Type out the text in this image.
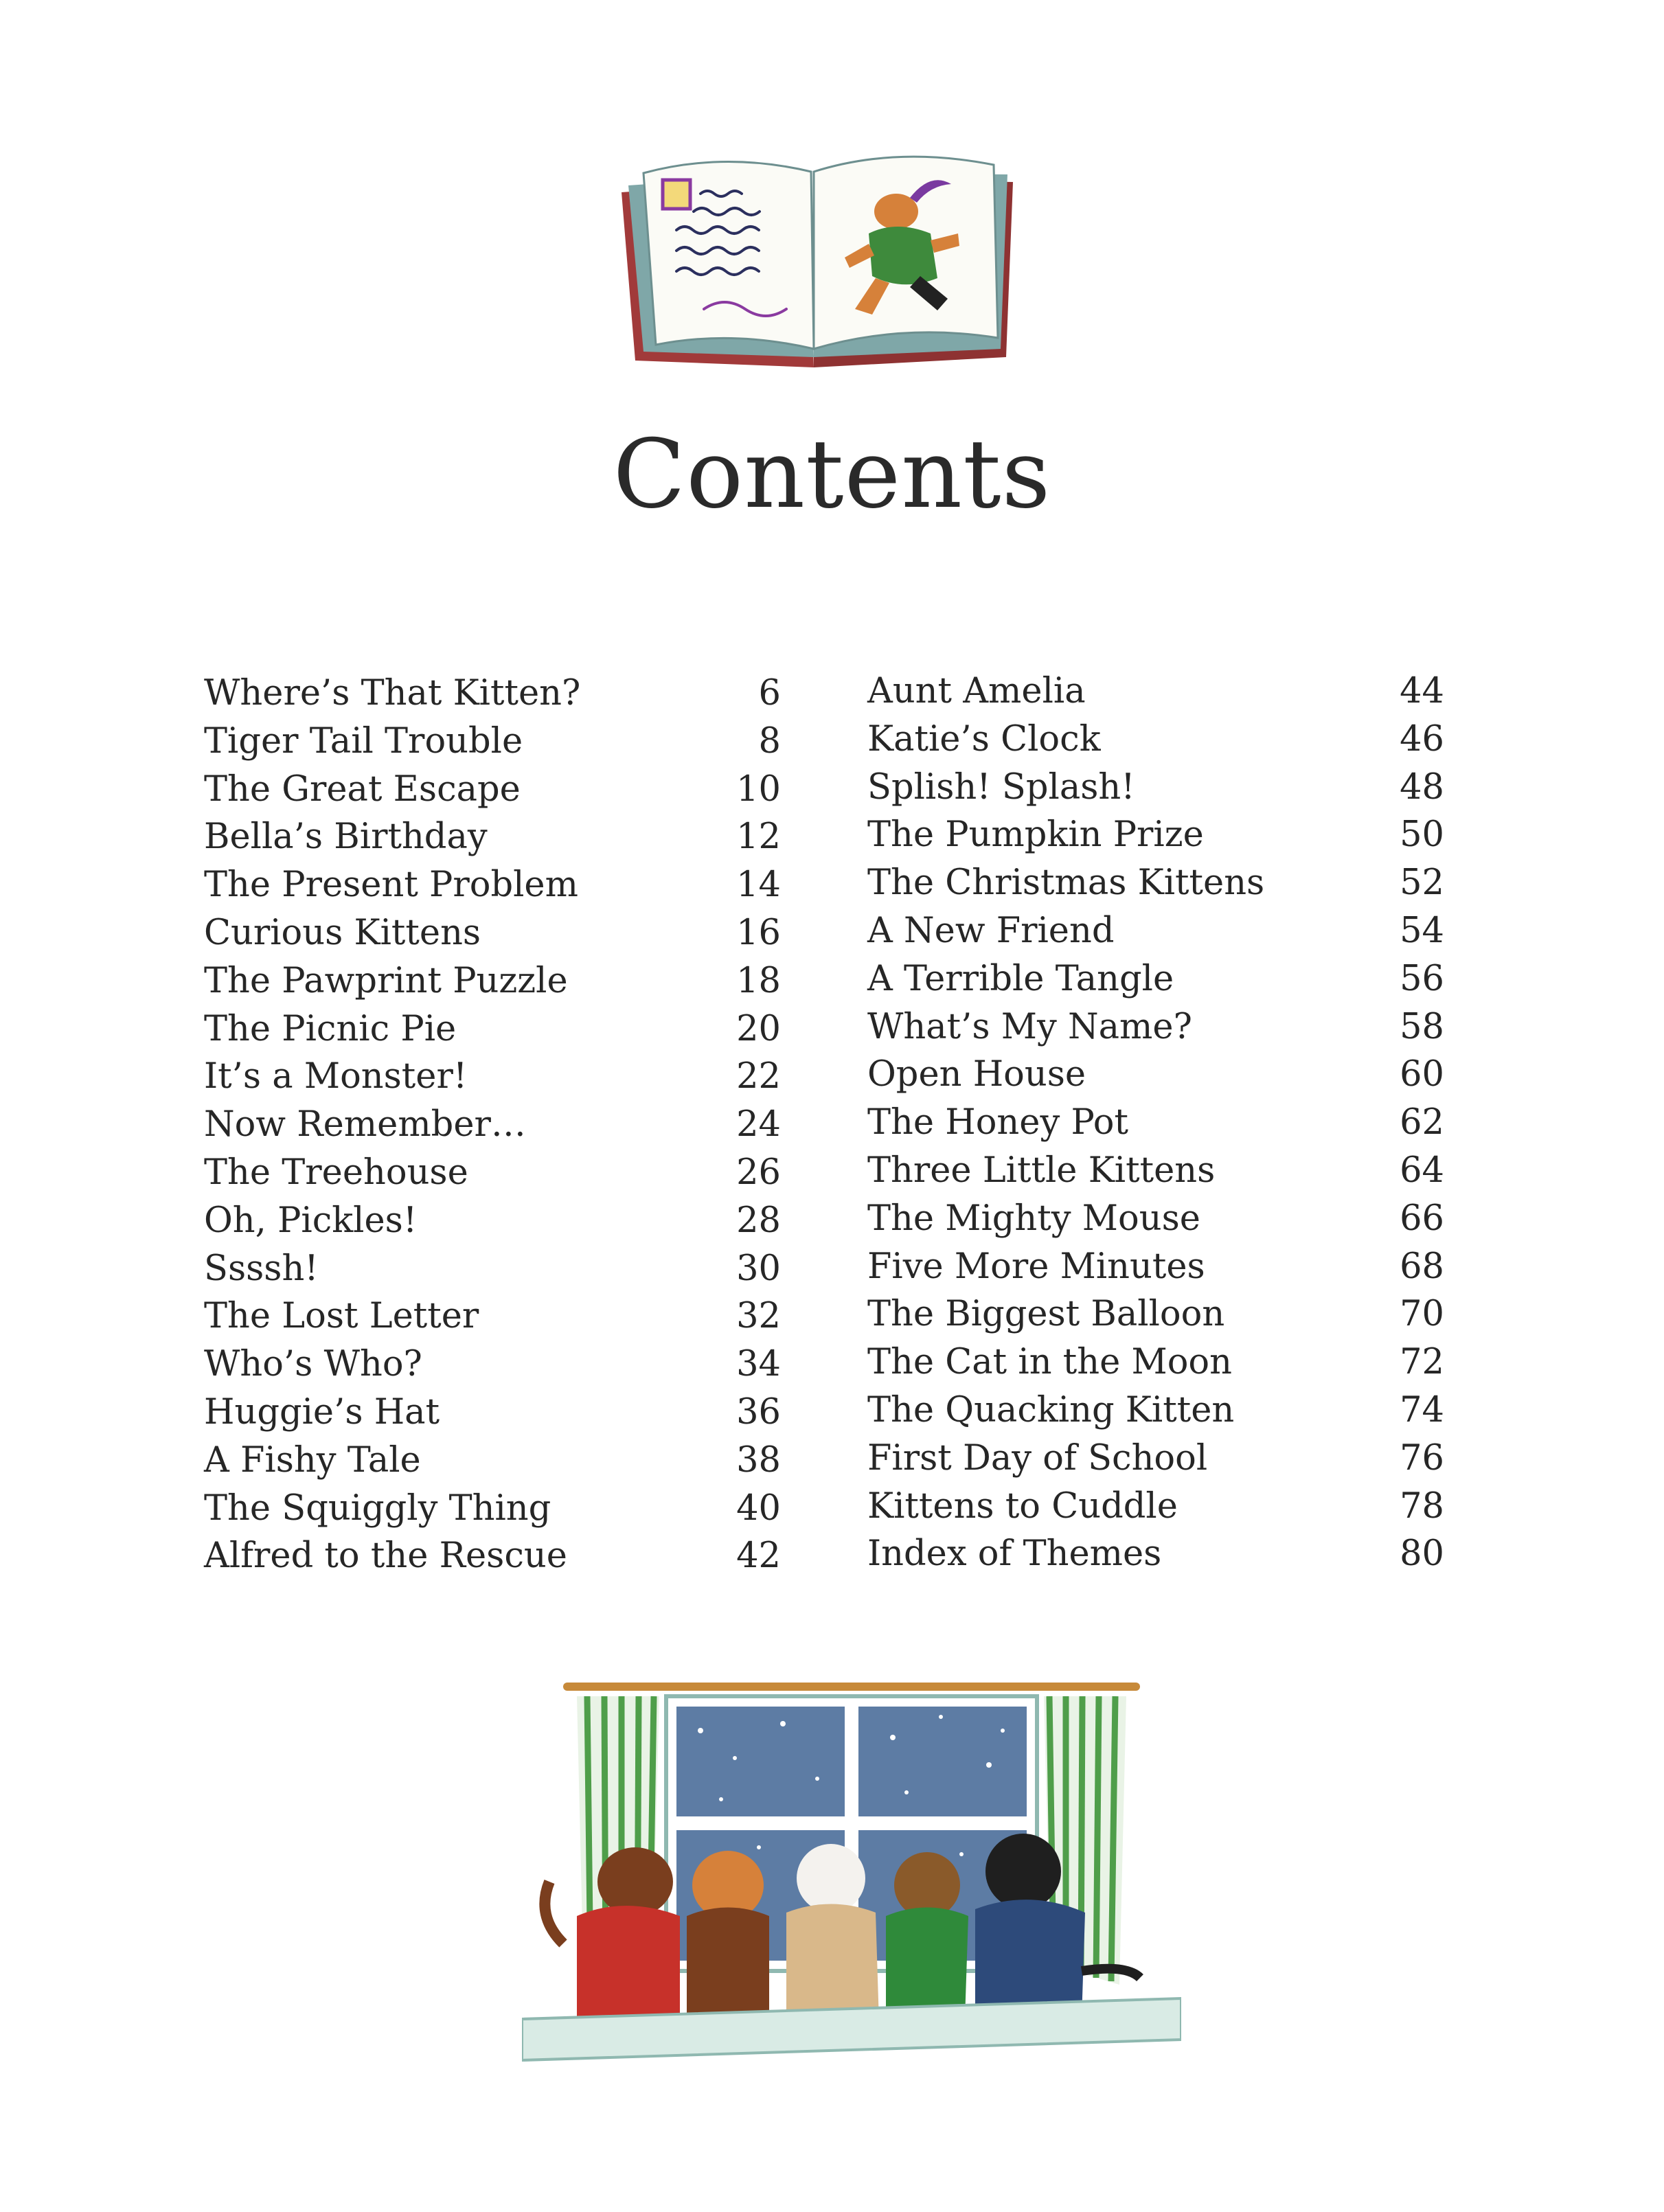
Contents
Where’s That Kitten?	6
Tiger Tail Trouble	8
The Great Escape	10
Bella’s Birthday	12
The Present Problem	14
Curious Kittens	16
The Pawprint Puzzle	18
The Picnic Pie	20
It’s a Monster!	22
Now Remember…	24
The Treehouse	26
Oh, Pickles!	28
Ssssh!	30
The Lost Letter	32
Who’s Who?	34
Huggie’s Hat	36
A Fishy Tale	38
The Squiggly Thing	40
Alfred to the Rescue	42
Aunt Amelia	44
Katie’s Clock	46
Splish! Splash!	48
The Pumpkin Prize	50
The Christmas Kittens	52
A New Friend	54
A Terrible Tangle	56
What’s My Name?	58
Open House	60
The Honey Pot	62
Three Little Kittens	64
The Mighty Mouse	66
Five More Minutes	68
The Biggest Balloon	70
The Cat in the Moon	72
The Quacking Kitten	74
First Day of School	76
Kittens to Cuddle	78
Index of Themes	80
